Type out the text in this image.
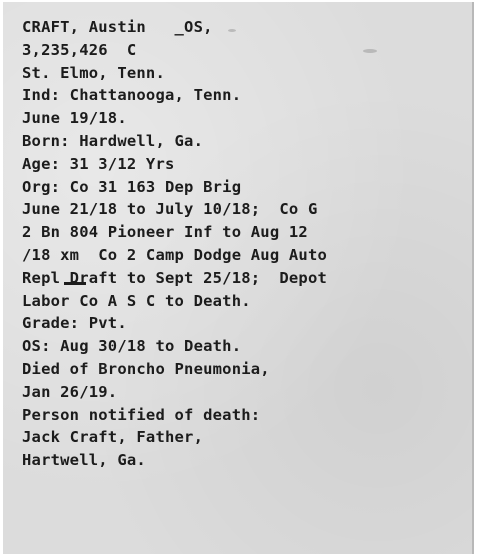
CRAFT, Austin   _OS,
3,235,426  C
St. Elmo, Tenn.
Ind: Chattanooga, Tenn.
June 19/18.
Born: Hardwell, Ga.
Age: 31 3/12 Yrs
Org: Co 31 163 Dep Brig
June 21/18 to July 10/18;  Co G
2 Bn 804 Pioneer Inf to Aug 12
/18 xm  Co 2 Camp Dodge Aug Auto
Repl Draft to Sept 25/18;  Depot
Labor Co A S C to Death.
Grade: Pvt.
OS: Aug 30/18 to Death.
Died of Broncho Pneumonia,
Jan 26/19.
Person notified of death:
Jack Craft, Father,
Hartwell, Ga.
